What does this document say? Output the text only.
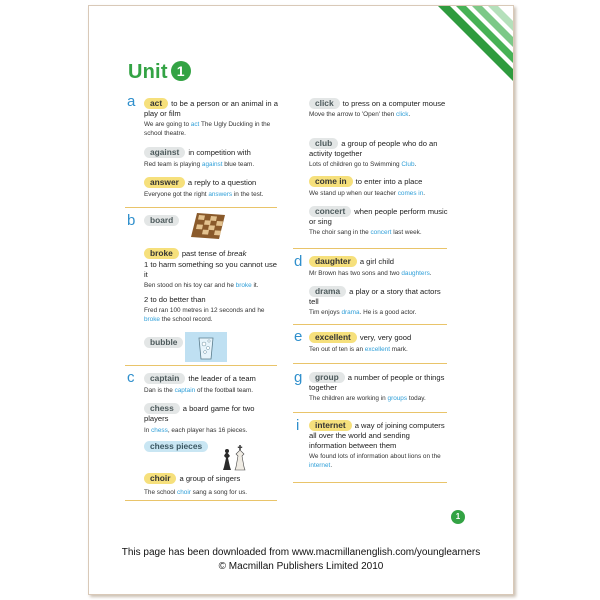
Unit 1
a	act to be a person or an animal in a play or film
We are going to act The Ugly Duckling in the school theatre.
against in competition with
Red team is playing against blue team.
answer a reply to a question
Everyone got the right answers in the test.
b	board
broke past tense of break
1 to harm something so you cannot use it
Ben stood on his toy car and he broke it.
2 to do better than
Fred ran 100 metres in 12 seconds and he broke the school record.
bubble
c	captain the leader of a team
Dan is the captain of the football team.
chess a board game for two players
In chess, each player has 16 pieces.
chess pieces
choir a group of singers
The school choir sang a song for us.
click to press on a computer mouse
Move the arrow to 'Open' then click.
club a group of people who do an activity together
Lots of children go to Swimming Club.
come in to enter into a place
We stand up when our teacher comes in.
concert when people perform music or sing
The choir sang in the concert last week.
d	daughter a girl child
Mr Brown has two sons and two daughters.
drama a play or a story that actors tell
Tim enjoys drama. He is a good actor.
e	excellent very, very good
Ten out of ten is an excellent mark.
g	group a number of people or things together
The children are working in groups today.
i	internet a way of joining computers all over the world and sending information between them
We found lots of information about lions on the internet.
1
This page has been downloaded from www.macmillanenglish.com/younglearners
© Macmillan Publishers Limited 2010
